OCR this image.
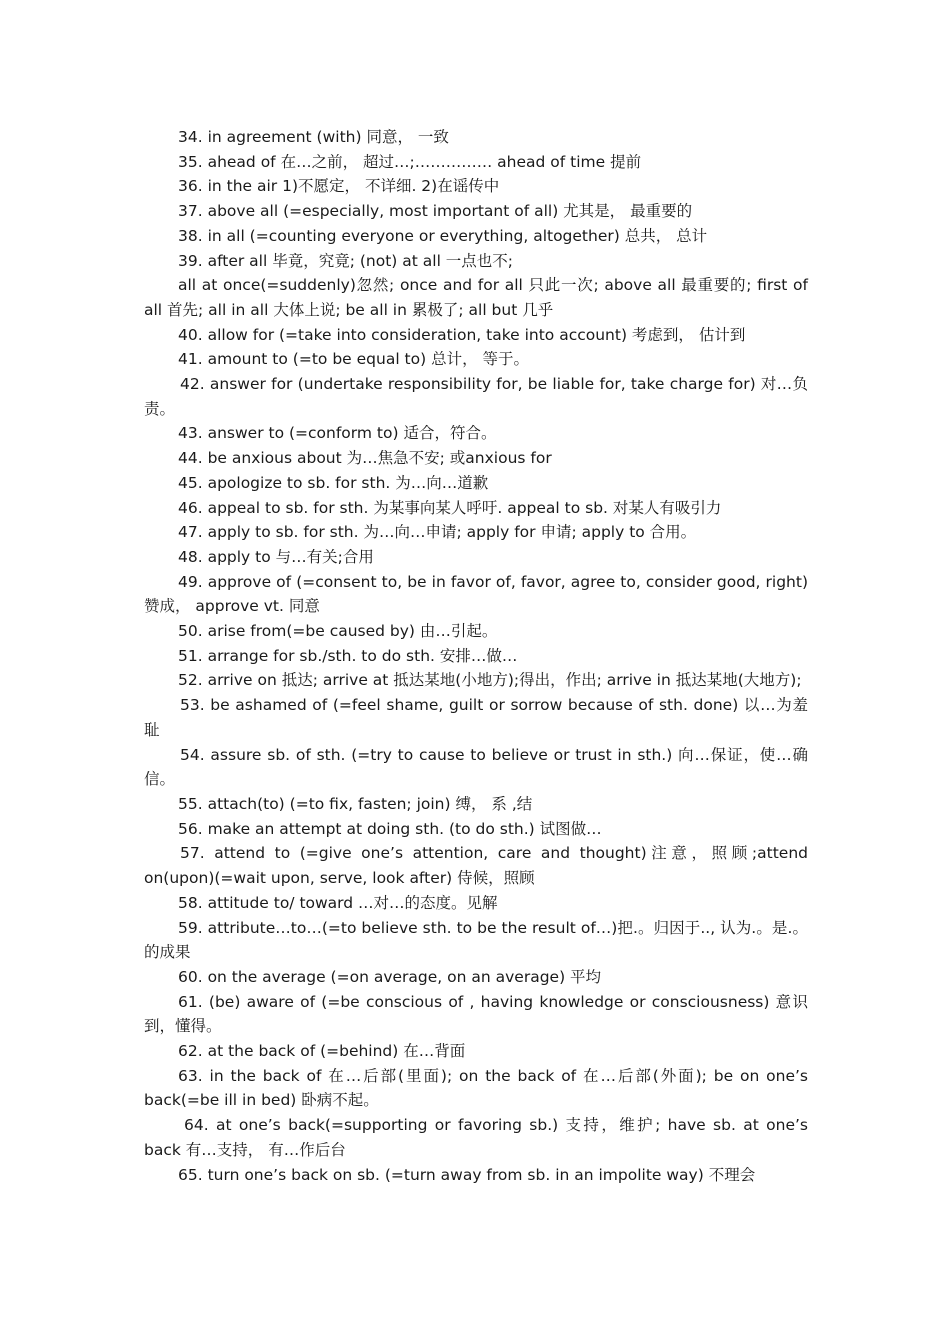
34. in agreement (with) 同意， 一致

35. ahead of 在…之前， 超过…;…………… ahead of time 提前

36. in the air 1)不愿定， 不详细. 2)在谣传中

37. above all (=especially, most important of all) 尤其是， 最重要的

38. in all (=counting everyone or everything, altogether) 总共， 总计

39. after all 毕竟，究竟; (not) at all 一点也不;

all at once(=suddenly)忽然; once and for all 只此一次; above all 最重要的; first of all 首先; all in all 大体上说; be all in 累极了; all but 几乎

40. allow for (=take into consideration, take into account) 考虑到， 估计到

41. amount to (=to be equal to) 总计， 等于。

42. answer for (undertake responsibility for, be liable for, take charge for) 对…负责。

43. answer to (=conform to) 适合，符合。

44. be anxious about 为…焦急不安; 或anxious for

45. apologize to sb. for sth. 为…向…道歉

46. appeal to sb. for sth. 为某事向某人呼吁. appeal to sb. 对某人有吸引力

47. apply to sb. for sth. 为…向…申请; apply for 申请; apply to 合用。

48. apply to 与…有关;合用

49. approve of (=consent to, be in favor of, favor, agree to, consider good, right) 赞成， approve vt. 同意

50. arise from(=be caused by) 由…引起。

51. arrange for sb./sth. to do sth. 安排…做…

52. arrive on 抵达; arrive at 抵达某地(小地方);得出，作出; arrive in 抵达某地(大地方);

53. be ashamed of (=feel shame, guilt or sorrow because of sth. done) 以…为羞耻

54. assure sb. of sth. (=try to cause to believe or trust in sth.) 向…保证，使…确信。

55. attach(to) (=to fix, fasten; join) 缚， 系 ,结

56. make an attempt at doing sth. (to do sth.) 试图做…

57. attend to (=give one’s attention, care and thought)注意，照顾;attend on(upon)(=wait upon, serve, look after) 侍候，照顾

58. attitude to/ toward …对…的态度。见解

59. attribute…to…(=to believe sth. to be the result of…)把.。归因于.., 认为.。是.。的成果

60. on the average (=on average, on an average) 平均

61. (be) aware of (=be conscious of , having knowledge or consciousness) 意识到，懂得。

62. at the back of (=behind) 在…背面

63. in the back of 在…后部(里面); on the back of 在…后部(外面); be on one’s back(=be ill in bed) 卧病不起。

64. at one’s back(=supporting or favoring sb.) 支持，维护; have sb. at one’s back 有…支持， 有…作后台

65. turn one’s back on sb. (=turn away from sb. in an impolite way) 不理会
